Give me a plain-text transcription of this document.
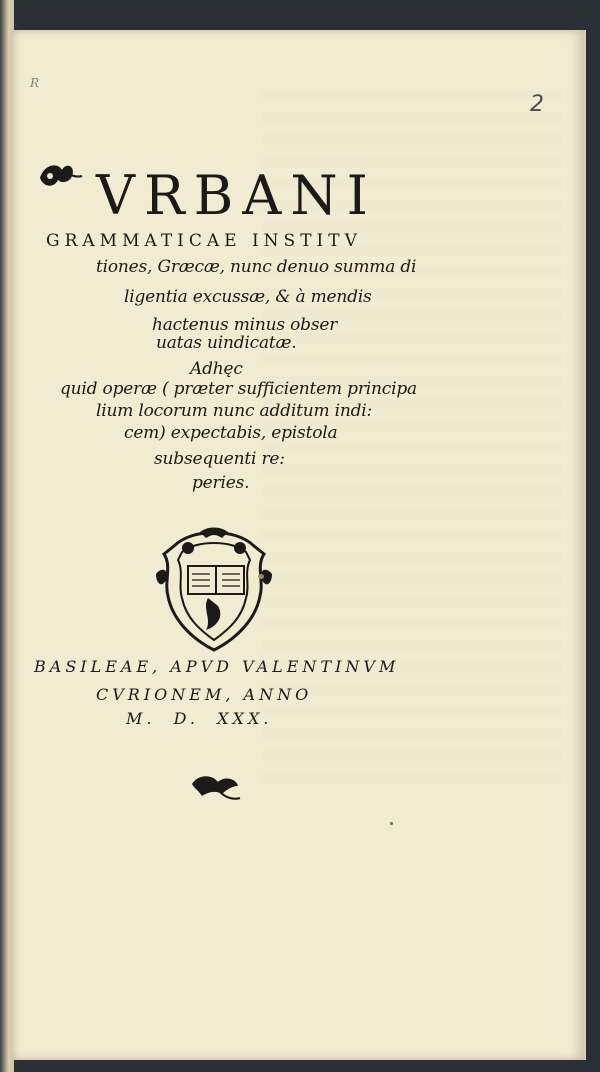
R
2
VRBANI
GRAMMATICAE INSTITV
tiones, Græcæ, nunc denuo summa di
ligentia excussæ, & à mendis
hactenus minus obser
uatas uindicatæ.
Adhęc
quid operæ ( præter sufficientem principa
lium locorum nunc additum indi:
cem) expectabis, epistola
subsequenti re:
peries.
BASILEAE, APVD VALENTINVM
CVRIONEM, ANNO
M.  D.  XXX.
